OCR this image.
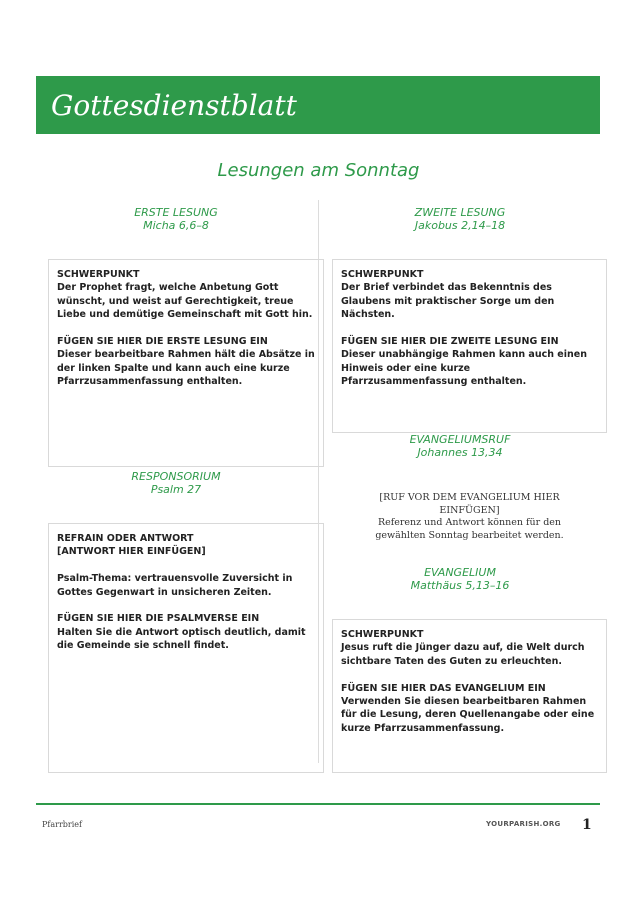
Gottesdienstblatt
Lesungen am Sonntag
ERSTE LESUNG
Micha 6,6–8

SCHWERPUNKT
Der Prophet fragt, welche Anbetung Gott wünscht, und weist auf Gerechtigkeit, treue Liebe und demütige Gemeinschaft mit Gott hin.

FÜGEN SIE HIER DIE ERSTE LESUNG EIN
Dieser bearbeitbare Rahmen hält die Absätze in der linken Spalte und kann auch eine kurze Pfarrzusammenfassung enthalten.

RESPONSORIUM
Psalm 27

REFRAIN ODER ANTWORT
[ANTWORT HIER EINFÜGEN]

Psalm-Thema: vertrauensvolle Zuversicht in Gottes Gegenwart in unsicheren Zeiten.

FÜGEN SIE HIER DIE PSALMVERSE EIN
Halten Sie die Antwort optisch deutlich, damit die Gemeinde sie schnell findet.

ZWEITE LESUNG
Jakobus 2,14–18

SCHWERPUNKT
Der Brief verbindet das Bekenntnis des Glaubens mit praktischer Sorge um den Nächsten.

FÜGEN SIE HIER DIE ZWEITE LESUNG EIN
Dieser unabhängige Rahmen kann auch einen Hinweis oder eine kurze Pfarrzusammenfassung enthalten.

EVANGELIUMSRUF
Johannes 13,34
[RUF VOR DEM EVANGELIUM HIER
EINFÜGEN]
Referenz und Antwort können für den
gewählten Sonntag bearbeitet werden.
EVANGELIUM
Matthäus 5,13–16

SCHWERPUNKT
Jesus ruft die Jünger dazu auf, die Welt durch sichtbare Taten des Guten zu erleuchten.

FÜGEN SIE HIER DAS EVANGELIUM EIN
Verwenden Sie diesen bearbeitbaren Rahmen für die Lesung, deren Quellenangabe oder eine kurze Pfarrzusammenfassung.

Pfarrbrief	YOURPARISH.ORG 1
